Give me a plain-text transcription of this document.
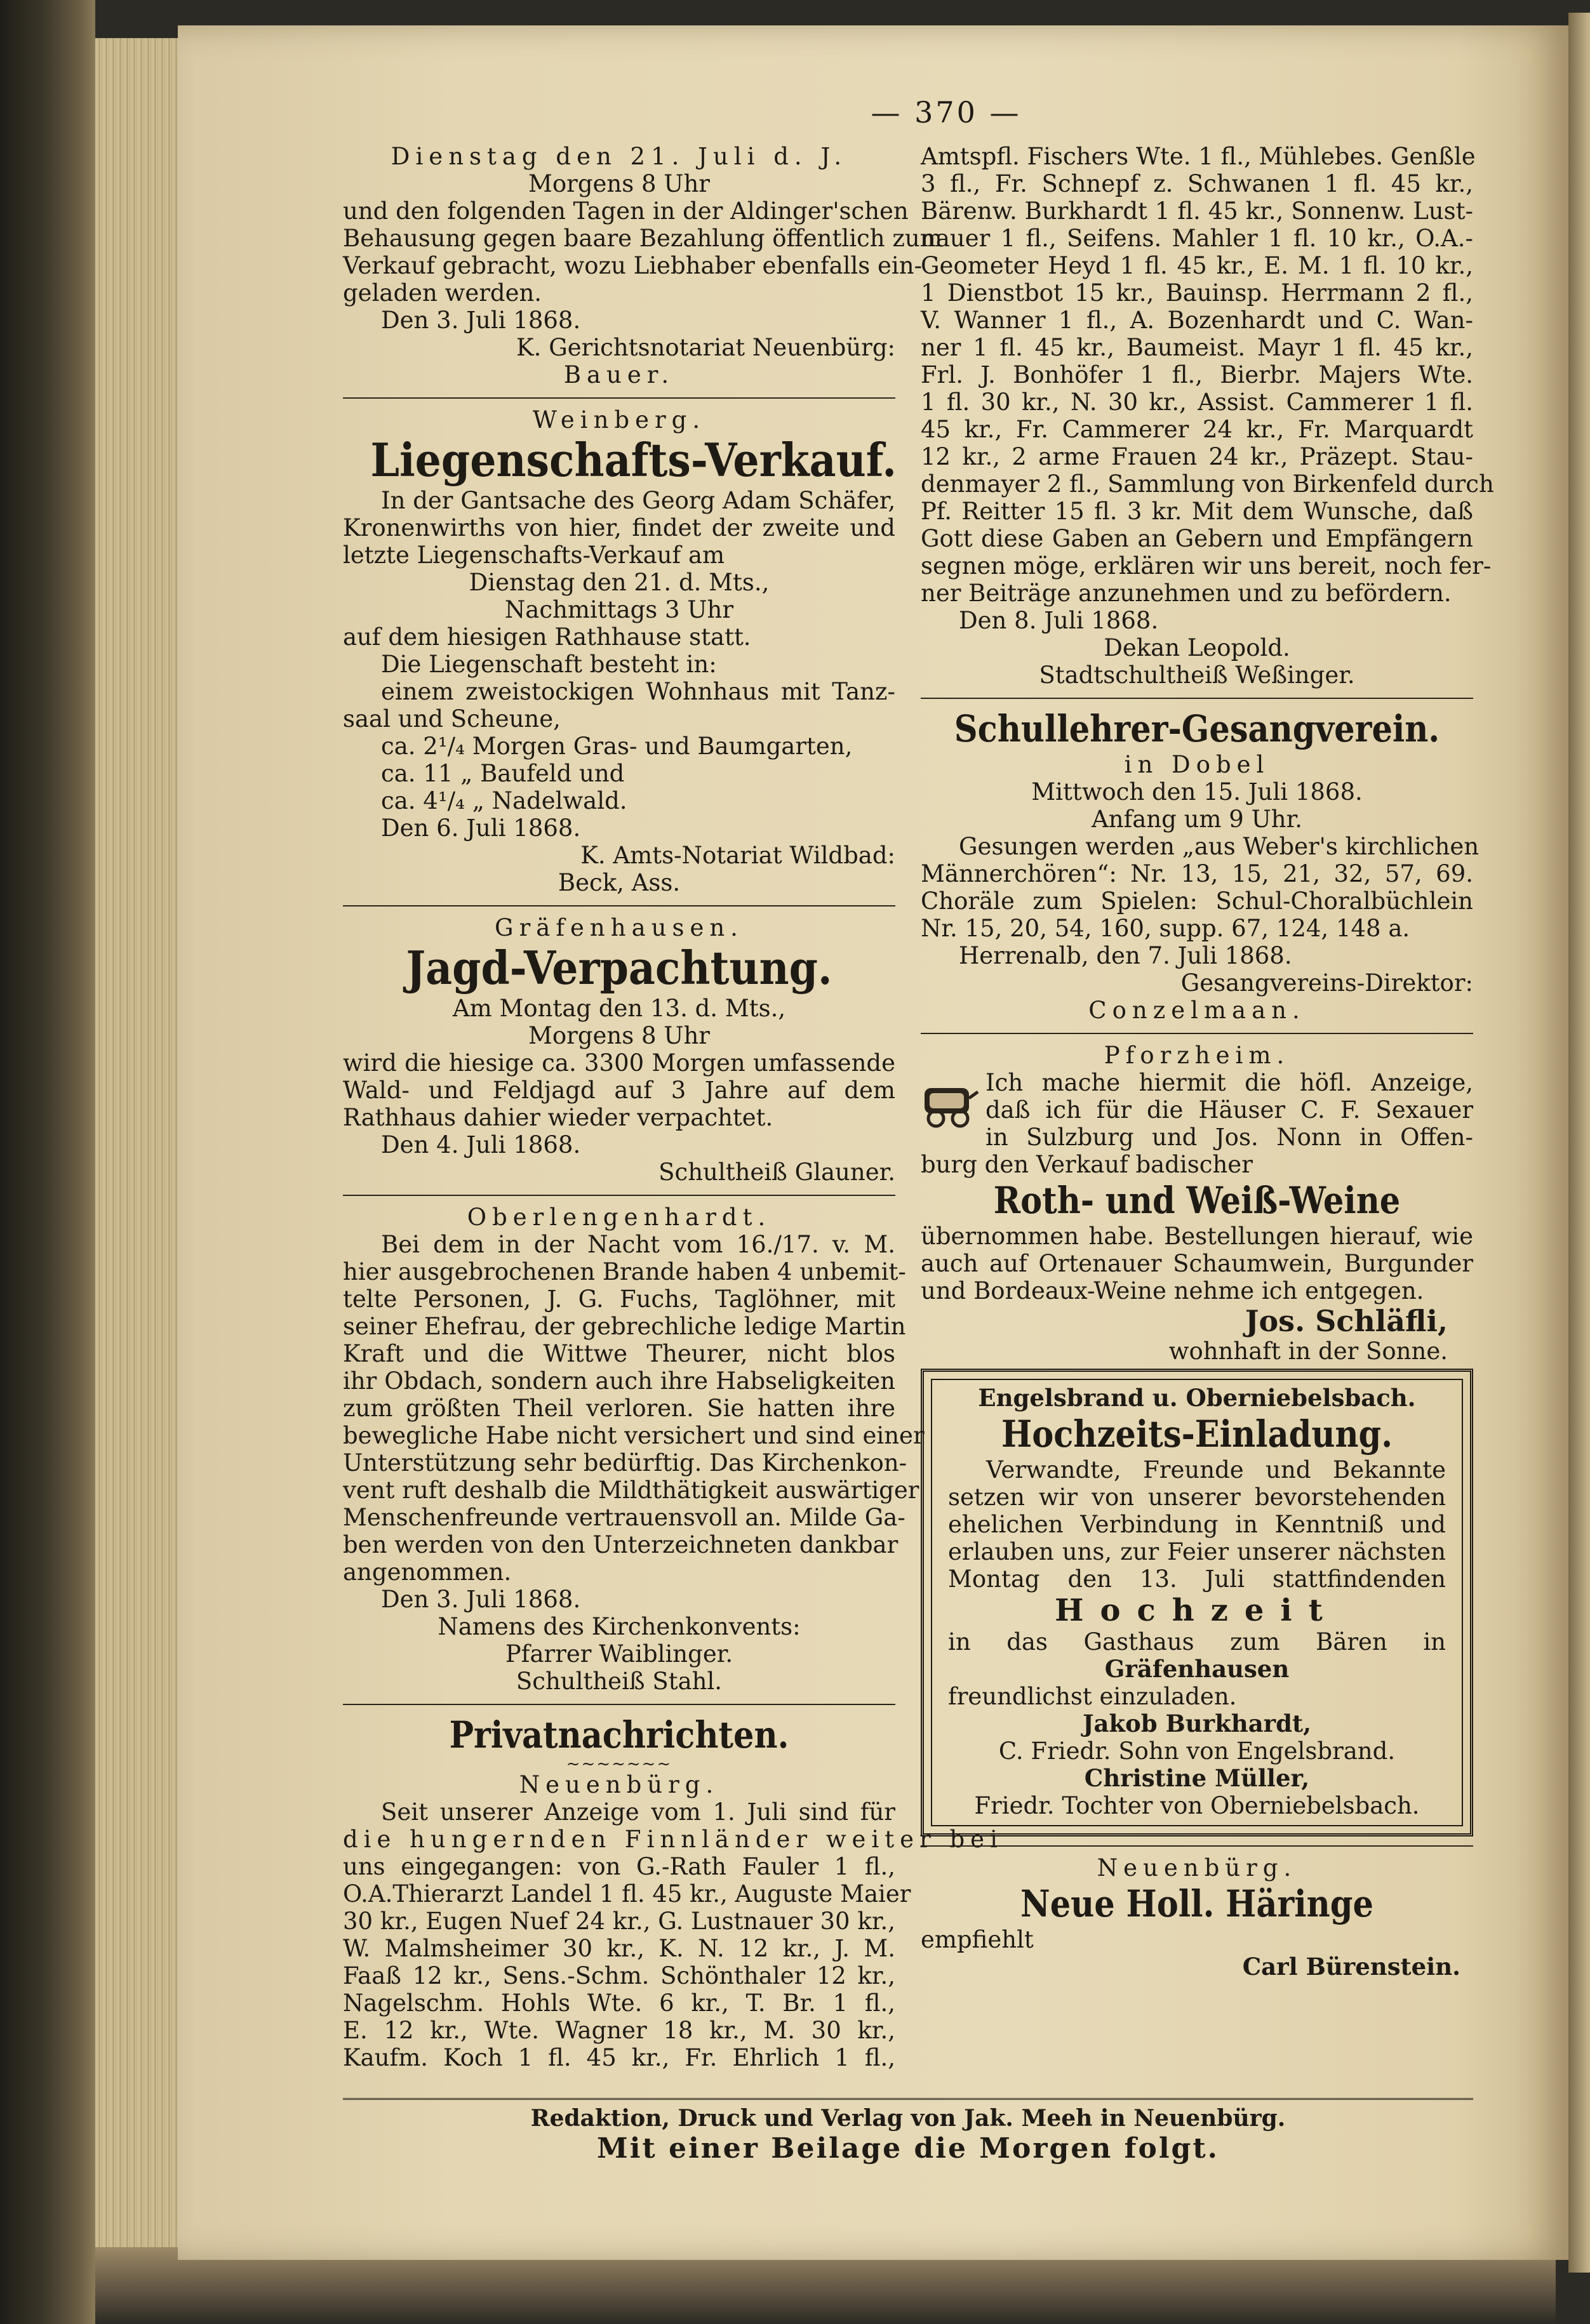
— 370 —
Dienstag den 21. Juli d. J.
Morgens 8 Uhr
und den folgenden Tagen in der Aldinger'schen
Behausung gegen baare Bezahlung öffentlich zum
Verkauf gebracht, wozu Liebhaber ebenfalls ein-
geladen werden.
Den 3. Juli 1868.
K. Gerichtsnotariat Neuenbürg:
Bauer.
Weinberg.
Liegenschafts-Verkauf.
In der Gantsache des Georg Adam Schäfer,
Kronenwirths von hier, findet der zweite und
letzte Liegenschafts-Verkauf am
Dienstag den 21. d. Mts.,
Nachmittags 3 Uhr
auf dem hiesigen Rathhause statt.
Die Liegenschaft besteht in:
einem zweistockigen Wohnhaus mit Tanz-
saal und Scheune,
ca. 2¹/₄ Morgen Gras- und Baumgarten,
ca. 11 „ Baufeld und
ca. 4¹/₄ „ Nadelwald.
Den 6. Juli 1868.
K. Amts-Notariat Wildbad:
Beck, Ass.
Gräfenhausen.
Jagd-Verpachtung.
Am Montag den 13. d. Mts.,
Morgens 8 Uhr
wird die hiesige ca. 3300 Morgen umfassende
Wald- und Feldjagd auf 3 Jahre auf dem
Rathhaus dahier wieder verpachtet.
Den 4. Juli 1868.
Schultheiß Glauner.
Oberlengenhardt.
Bei dem in der Nacht vom 16./17. v. M.
hier ausgebrochenen Brande haben 4 unbemit-
telte Personen, J. G. Fuchs, Taglöhner, mit
seiner Ehefrau, der gebrechliche ledige Martin
Kraft und die Wittwe Theurer, nicht blos
ihr Obdach, sondern auch ihre Habseligkeiten
zum größten Theil verloren. Sie hatten ihre
bewegliche Habe nicht versichert und sind einer
Unterstützung sehr bedürftig. Das Kirchenkon-
vent ruft deshalb die Mildthätigkeit auswärtiger
Menschenfreunde vertrauensvoll an. Milde Ga-
ben werden von den Unterzeichneten dankbar
angenommen.
Den 3. Juli 1868.
Namens des Kirchenkonvents:
Pfarrer Waiblinger.
Schultheiß Stahl.
Privatnachrichten.
~~~~~~~
Neuenbürg.
Seit unserer Anzeige vom 1. Juli sind für
die hungernden Finnländer weiter bei
uns eingegangen: von G.-Rath Fauler 1 fl.,
O.A.Thierarzt Landel 1 fl. 45 kr., Auguste Maier
30 kr., Eugen Nuef 24 kr., G. Lustnauer 30 kr.,
W. Malmsheimer 30 kr., K. N. 12 kr., J. M.
Faaß 12 kr., Sens.-Schm. Schönthaler 12 kr.,
Nagelschm. Hohls Wte. 6 kr., T. Br. 1 fl.,
E. 12 kr., Wte. Wagner 18 kr., M. 30 kr.,
Kaufm. Koch 1 fl. 45 kr., Fr. Ehrlich 1 fl.,
Amtspfl. Fischers Wte. 1 fl., Mühlebes. Genßle
3 fl., Fr. Schnepf z. Schwanen 1 fl. 45 kr.,
Bärenw. Burkhardt 1 fl. 45 kr., Sonnenw. Lust-
nauer 1 fl., Seifens. Mahler 1 fl. 10 kr., O.A.-
Geometer Heyd 1 fl. 45 kr., E. M. 1 fl. 10 kr.,
1 Dienstbot 15 kr., Bauinsp. Herrmann 2 fl.,
V. Wanner 1 fl., A. Bozenhardt und C. Wan-
ner 1 fl. 45 kr., Baumeist. Mayr 1 fl. 45 kr.,
Frl. J. Bonhöfer 1 fl., Bierbr. Majers Wte.
1 fl. 30 kr., N. 30 kr., Assist. Cammerer 1 fl.
45 kr., Fr. Cammerer 24 kr., Fr. Marquardt
12 kr., 2 arme Frauen 24 kr., Präzept. Stau-
denmayer 2 fl., Sammlung von Birkenfeld durch
Pf. Reitter 15 fl. 3 kr. Mit dem Wunsche, daß
Gott diese Gaben an Gebern und Empfängern
segnen möge, erklären wir uns bereit, noch fer-
ner Beiträge anzunehmen und zu befördern.
Den 8. Juli 1868.
Dekan Leopold.
Stadtschultheiß Weßinger.
Schullehrer-Gesangverein.
in Dobel
Mittwoch den 15. Juli 1868.
Anfang um 9 Uhr.
Gesungen werden „aus Weber's kirchlichen
Männerchören“: Nr. 13, 15, 21, 32, 57, 69.
Choräle zum Spielen: Schul-Choralbüchlein
Nr. 15, 20, 54, 160, supp. 67, 124, 148 a.
Herrenalb, den 7. Juli 1868.
Gesangvereins-Direktor:
Conzelmaan.
Pforzheim.
Ich mache hiermit die höfl. Anzeige,
daß ich für die Häuser C. F. Sexauer
in Sulzburg und Jos. Nonn in Offen-
burg den Verkauf badischer
Roth- und Weiß-Weine
übernommen habe. Bestellungen hierauf, wie
auch auf Ortenauer Schaumwein, Burgunder
und Bordeaux-Weine nehme ich entgegen.
Jos. Schläfli,
wohnhaft in der Sonne.
Engelsbrand u. Oberniebelsbach.
Hochzeits-Einladung.
Verwandte, Freunde und Bekannte
setzen wir von unserer bevorstehenden
ehelichen Verbindung in Kenntniß und
erlauben uns, zur Feier unserer nächsten
Montag den 13. Juli stattfindenden
Hochzeit
in das Gasthaus zum Bären in
Gräfenhausen
freundlichst einzuladen.
Jakob Burkhardt,
C. Friedr. Sohn von Engelsbrand.
Christine Müller,
Friedr. Tochter von Oberniebelsbach.
Neuenbürg.
Neue Holl. Häringe
empfiehlt
Carl Bürenstein.
Redaktion, Druck und Verlag von Jak. Meeh in Neuenbürg.
Mit einer Beilage die Morgen folgt.
